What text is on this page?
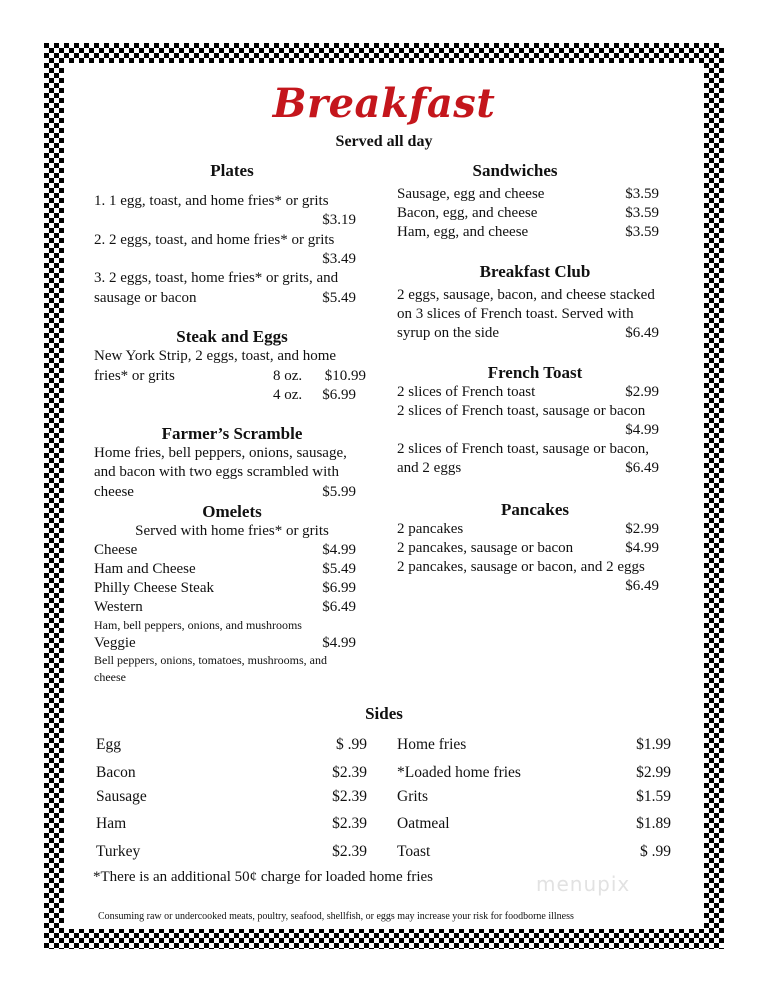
Breakfast
Served all day
Plates
1. 1 egg, toast, and home fries* or grits
$3.19
2. 2 eggs, toast, and home fries* or grits
$3.49
3. 2 eggs, toast, home fries* or grits, and
sausage or bacon	$5.49
Steak and Eggs
New York Strip, 2 eggs, toast, and home
fries* or grits	8 oz.	$10.99
4 oz.	$6.99
Farmer’s Scramble
Home fries, bell peppers, onions, sausage,
and bacon with two eggs scrambled with
cheese	$5.99
Omelets
Served with home fries* or grits
Cheese	$4.99
Ham and Cheese	$5.49
Philly Cheese Steak	$6.99
Western	$6.49
Ham, bell peppers, onions, and mushrooms
Veggie	$4.99
Bell peppers, onions, tomatoes, mushrooms, and
cheese
Sandwiches
Sausage, egg and cheese	$3.59
Bacon, egg, and cheese	$3.59
Ham, egg, and cheese	$3.59
Breakfast Club
2 eggs, sausage, bacon, and cheese stacked
on 3 slices of French toast. Served with
syrup on the side	$6.49
French Toast
2 slices of French toast	$2.99
2 slices of French toast, sausage or bacon
$4.99
2 slices of French toast, sausage or bacon,
and 2 eggs	$6.49
Pancakes
2 pancakes	$2.99
2 pancakes, sausage or bacon	$4.99
2 pancakes, sausage or bacon, and 2 eggs
$6.49
Sides
Egg	$ .99
Bacon	$2.39
Sausage	$2.39
Ham	$2.39
Turkey	$2.39
Home fries	$1.99
*Loaded home fries	$2.99
Grits	$1.59
Oatmeal	$1.89
Toast	$ .99
*There is an additional 50¢ charge for loaded home fries	menupix
Consuming raw or undercooked meats, poultry, seafood, shellfish, or eggs may increase your risk for foodborne illness
